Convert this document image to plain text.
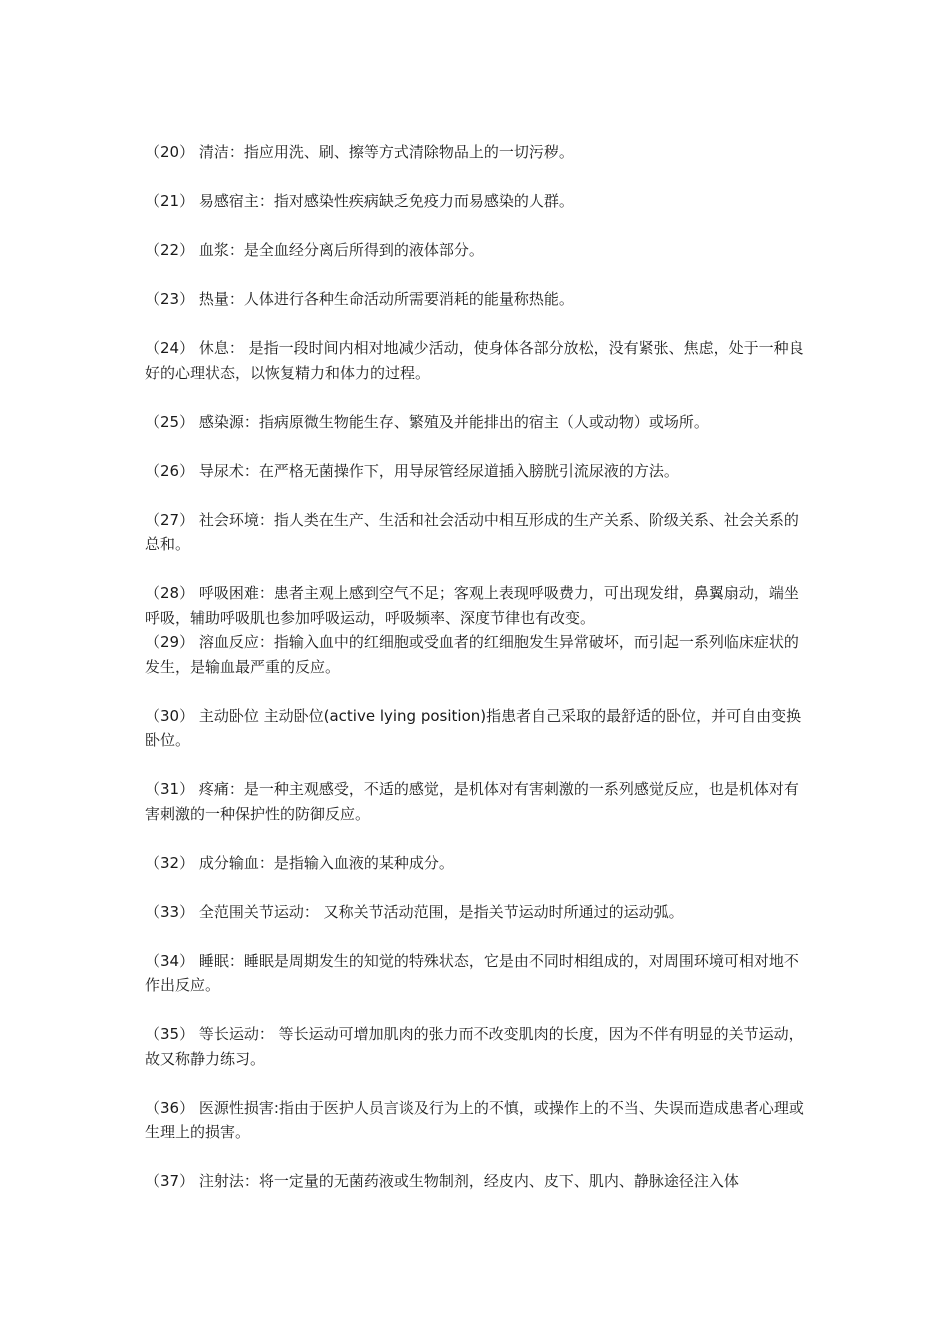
（20） 清洁：指应用洗、刷、擦等方式清除物品上的一切污秽。

（21） 易感宿主：指对感染性疾病缺乏免疫力而易感染的人群。

（22） 血浆：是全血经分离后所得到的液体部分。

（23） 热量：人体进行各种生命活动所需要消耗的能量称热能。

（24） 休息： 是指一段时间内相对地减少活动，使身体各部分放松，没有紧张、焦虑，处于一种良好的心理状态，以恢复精力和体力的过程。

（25） 感染源：指病原微生物能生存、繁殖及并能排出的宿主（人或动物）或场所。

（26） 导尿术：在严格无菌操作下，用导尿管经尿道插入膀胱引流尿液的方法。

（27） 社会环境：指人类在生产、生活和社会活动中相互形成的生产关系、阶级关系、社会关系的总和。

（28） 呼吸困难：患者主观上感到空气不足；客观上表现呼吸费力，可出现发绀，鼻翼扇动，端坐呼吸，辅助呼吸肌也参加呼吸运动，呼吸频率、深度节律也有改变。

（29） 溶血反应：指输入血中的红细胞或受血者的红细胞发生异常破坏，而引起一系列临床症状的发生，是输血最严重的反应。

（30） 主动卧位 主动卧位(active lying position)指患者自己采取的最舒适的卧位，并可自由变换卧位。

（31） 疼痛：是一种主观感受，不适的感觉，是机体对有害刺激的一系列感觉反应，也是机体对有害刺激的一种保护性的防御反应。

（32） 成分输血：是指输入血液的某种成分。

（33） 全范围关节运动： 又称关节活动范围，是指关节运动时所通过的运动弧。

（34） 睡眠：睡眠是周期发生的知觉的特殊状态，它是由不同时相组成的，对周围环境可相对地不作出反应。

（35） 等长运动： 等长运动可增加肌肉的张力而不改变肌肉的长度，因为不伴有明显的关节运动，故又称静力练习。

（36） 医源性损害:指由于医护人员言谈及行为上的不慎，或操作上的不当、失误而造成患者心理或生理上的损害。

（37） 注射法：将一定量的无菌药液或生物制剂，经皮内、皮下、肌内、静脉途径注入体
